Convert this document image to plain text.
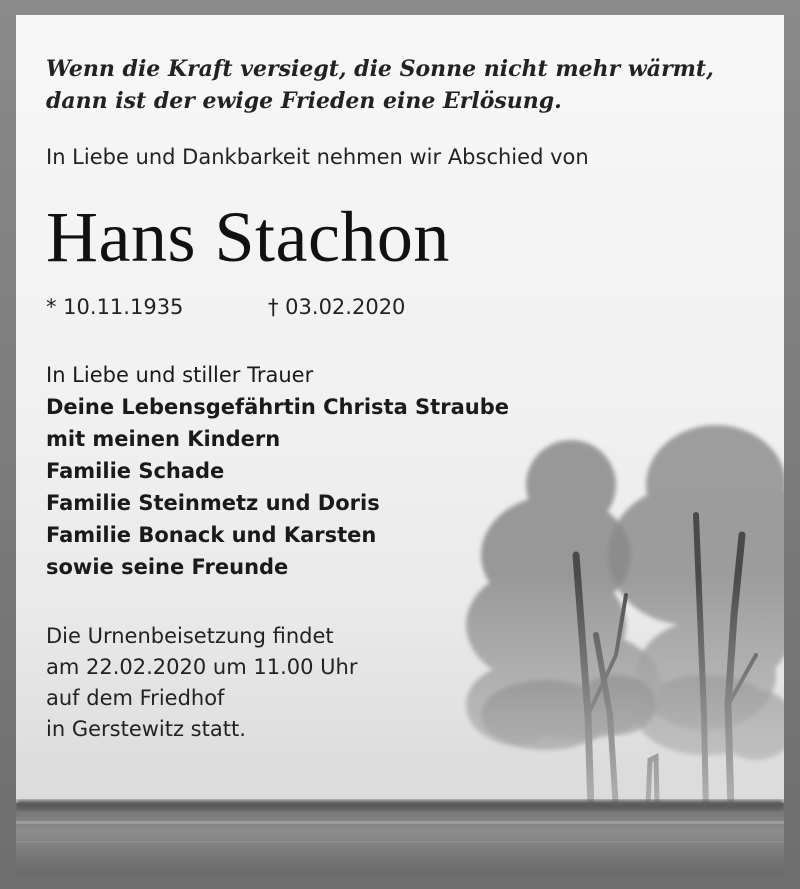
Wenn die Kraft versiegt, die Sonne nicht mehr wärmt,
dann ist der ewige Frieden eine Erlösung.
In Liebe und Dankbarkeit nehmen wir Abschied von
Hans Stachon
* 10.11.1935	† 03.02.2020
In Liebe und stiller Trauer
Deine Lebensgefährtin Christa Straube
mit meinen Kindern
Familie Schade
Familie Steinmetz und Doris
Familie Bonack und Karsten
sowie seine Freunde
Die Urnenbeisetzung findet
am 22.02.2020 um 11.00 Uhr
auf dem Friedhof
in Gerstewitz statt.
